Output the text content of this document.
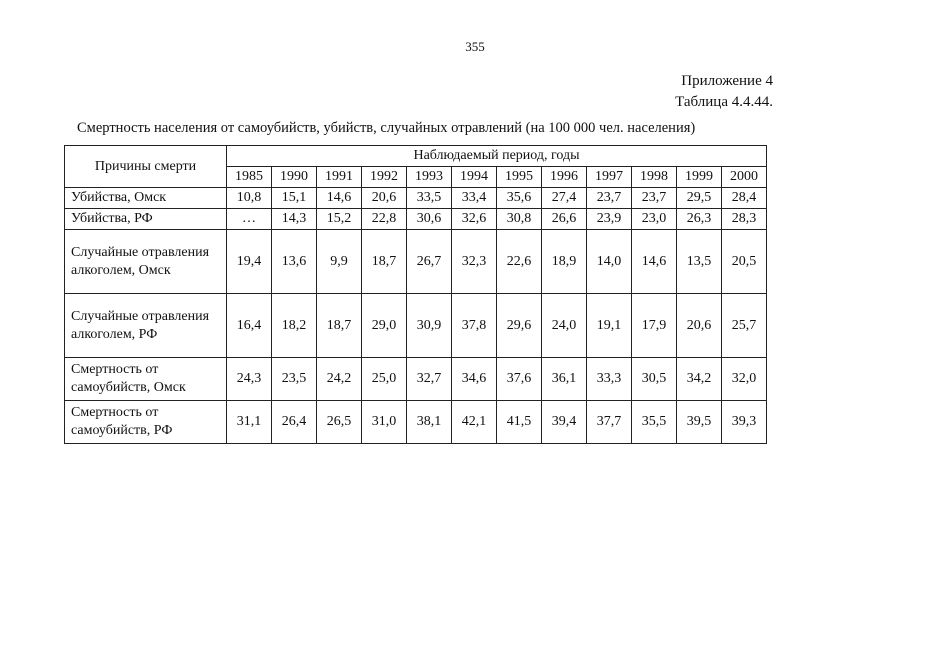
355
Приложение 4
Таблица 4.4.44.
Смертность населения от самоубийств, убийств, случайных отравлений (на 100 000 чел. населения)
Причины смерти	Наблюдаемый период, годы											
	1985	1990	1991	1992	1993	1994	1995	1996	1997	1998	1999	2000
Убийства, Омск	10,8	15,1	14,6	20,6	33,5	33,4	35,6	27,4	23,7	23,7	29,5	28,4
Убийства, РФ	…	14,3	15,2	22,8	30,6	32,6	30,8	26,6	23,9	23,0	26,3	28,3
Случайные отравления алкоголем, Омск	19,4	13,6	9,9	18,7	26,7	32,3	22,6	18,9	14,0	14,6	13,5	20,5
Случайные отравления алкоголем, РФ	16,4	18,2	18,7	29,0	30,9	37,8	29,6	24,0	19,1	17,9	20,6	25,7
Смертность от самоубийств, Омск	24,3	23,5	24,2	25,0	32,7	34,6	37,6	36,1	33,3	30,5	34,2	32,0
Смертность от самоубийств, РФ	31,1	26,4	26,5	31,0	38,1	42,1	41,5	39,4	37,7	35,5	39,5	39,3
